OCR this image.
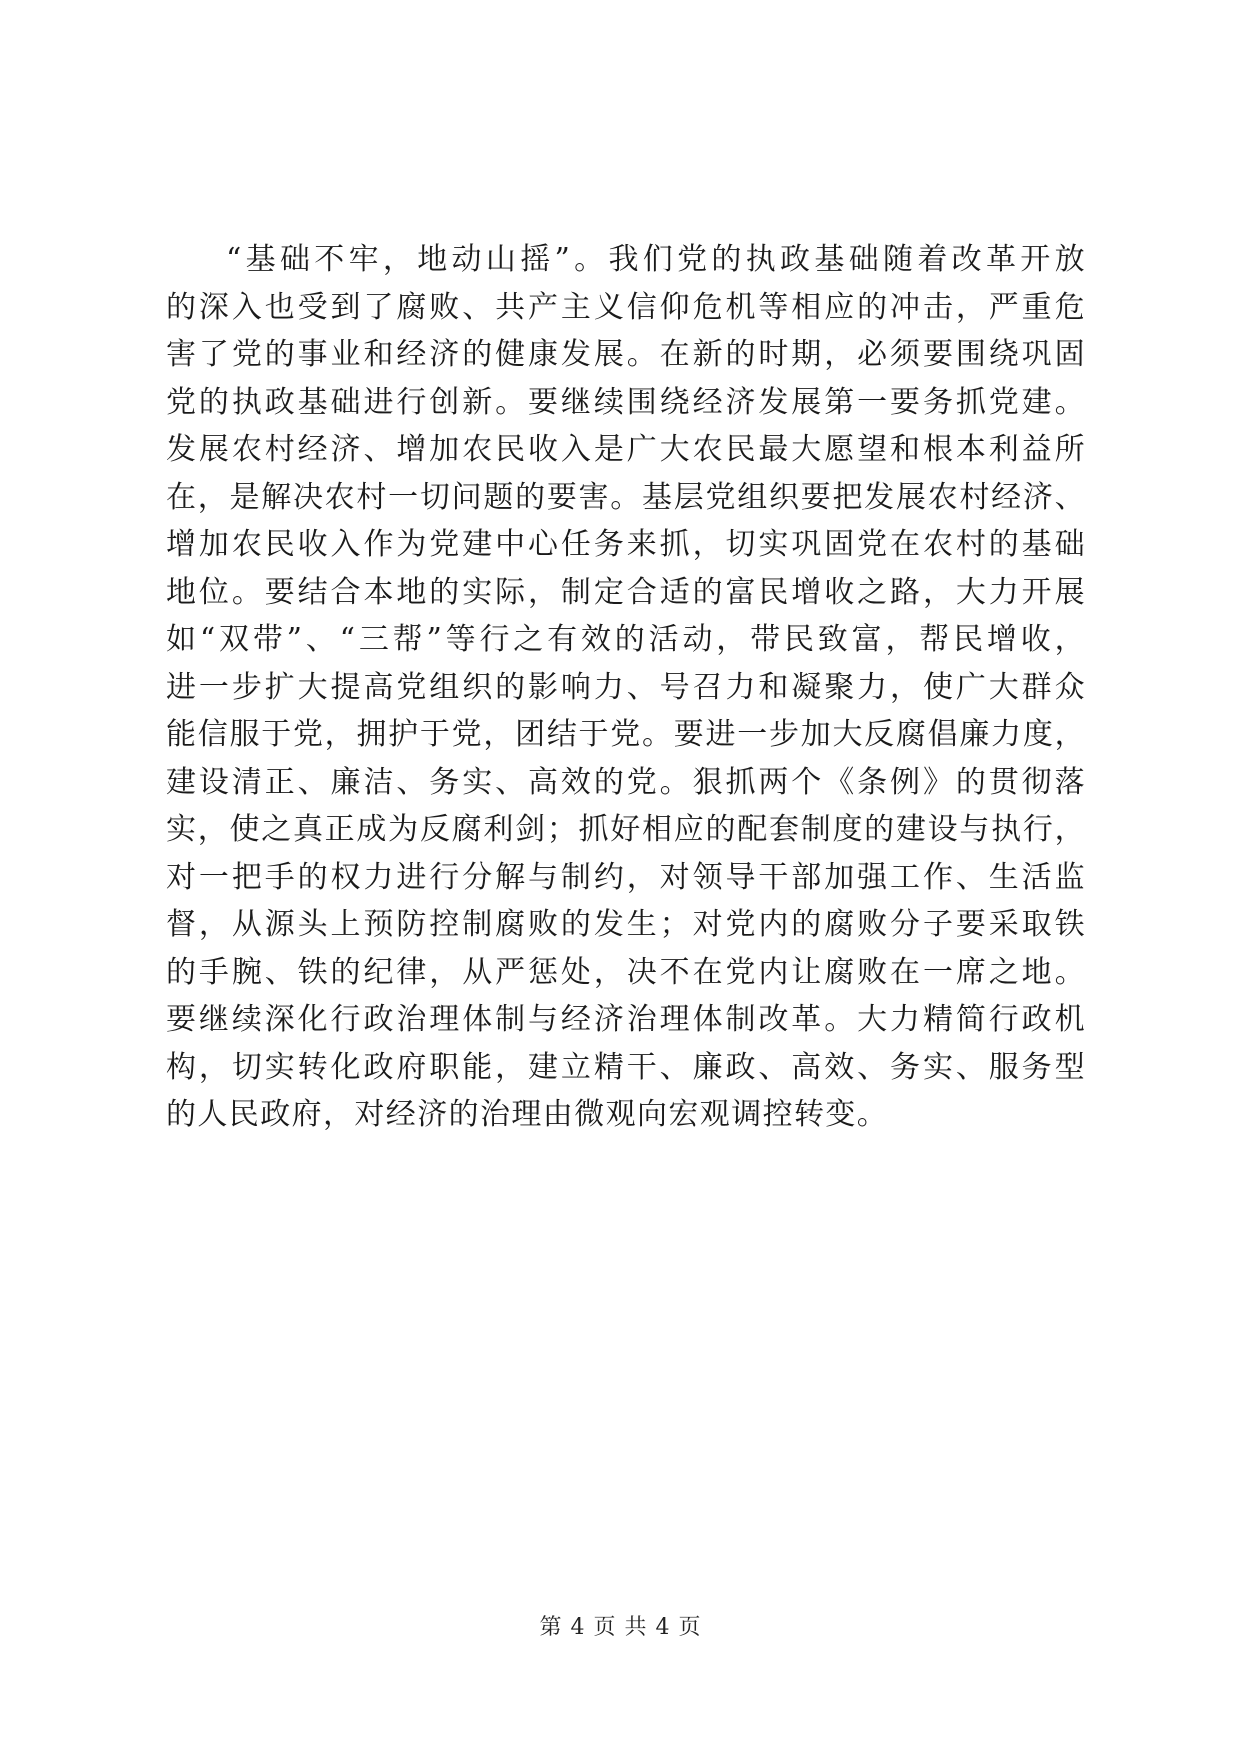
“基础不牢，地动山摇”。我们党的执政基础随着改革开放
的深入也受到了腐败、共产主义信仰危机等相应的冲击，严重危
害了党的事业和经济的健康发展。在新的时期，必须要围绕巩固
党的执政基础进行创新。要继续围绕经济发展第一要务抓党建。
发展农村经济、增加农民收入是广大农民最大愿望和根本利益所
在，是解决农村一切问题的要害。基层党组织要把发展农村经济、
增加农民收入作为党建中心任务来抓，切实巩固党在农村的基础
地位。要结合本地的实际，制定合适的富民增收之路，大力开展
如“双带”、“三帮”等行之有效的活动，带民致富，帮民增收，
进一步扩大提高党组织的影响力、号召力和凝聚力，使广大群众
能信服于党，拥护于党，团结于党。要进一步加大反腐倡廉力度，
建设清正、廉洁、务实、高效的党。狠抓两个《条例》的贯彻落
实，使之真正成为反腐利剑；抓好相应的配套制度的建设与执行，
对一把手的权力进行分解与制约，对领导干部加强工作、生活监
督，从源头上预防控制腐败的发生；对党内的腐败分子要采取铁
的手腕、铁的纪律，从严惩处，决不在党内让腐败在一席之地。
要继续深化行政治理体制与经济治理体制改革。大力精简行政机
构，切实转化政府职能，建立精干、廉政、高效、务实、服务型
的人民政府，对经济的治理由微观向宏观调控转变。
第 4 页 共 4 页
